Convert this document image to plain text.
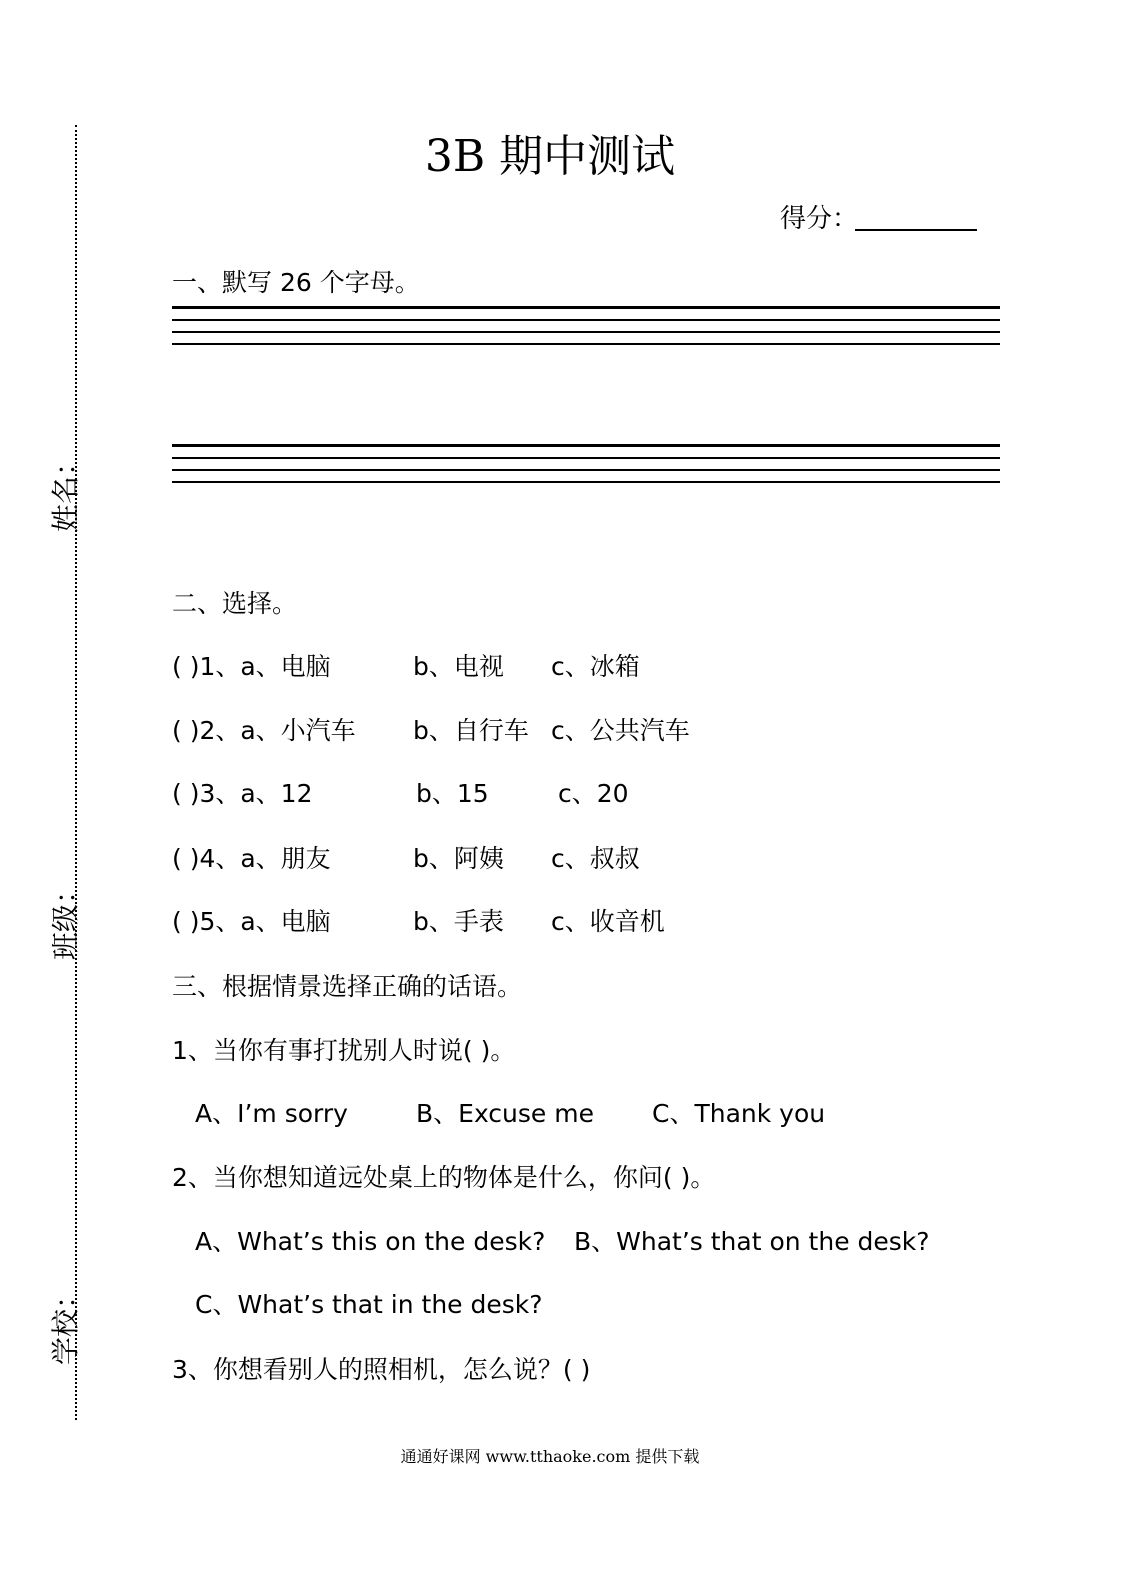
姓名：
班级：
学校：
3B 期中测试
得分：
一、默写 26 个字母。
二、选择。
( )1、a、电脑	b、电视 c、冰箱
( )2、a、小汽车 b、自行车 c、公共汽车
( )3、a、12	b、15	c、20
( )4、a、朋友	b、阿姨 c、叔叔
( )5、a、电脑	b、手表 c、收音机
三、根据情景选择正确的话语。
1、当你有事打扰别人时说( )。
A、I’m sorry	B、Excuse me C、Thank you
2、当你想知道远处桌上的物体是什么，你问( )。
A、What’s this on the desk? B、What’s that on the desk?
C、What’s that in the desk?
3、你想看别人的照相机，怎么说？( )
通通好课网 www.tthaoke.com 提供下载
